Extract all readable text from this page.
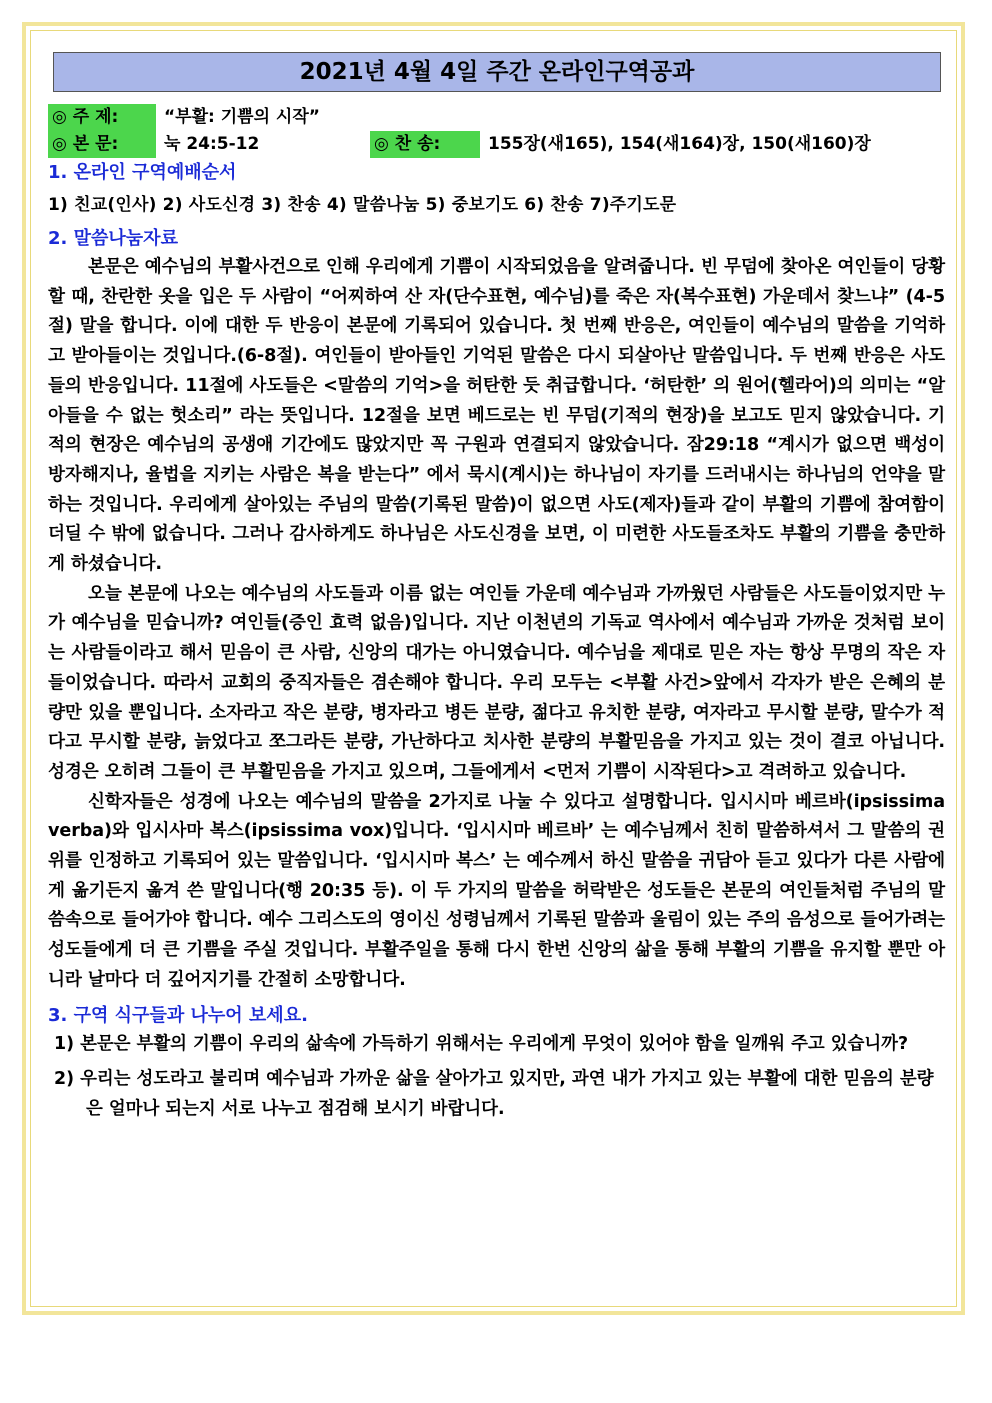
2021년 4월 4일 주간 온라인구역공과
◎ 주 제:	“부활: 기쁨의 시작”
◎ 본 문:	눅 24:5-12	◎ 찬 송:	155장(새165), 154(새164)장, 150(새160)장
1. 온라인 구역예배순서
1) 친교(인사) 2) 사도신경 3) 찬송 4) 말씀나눔 5) 중보기도 6) 찬송 7)주기도문
2. 말씀나눔자료

본문은 예수님의 부활사건으로 인해 우리에게 기쁨이 시작되었음을 알려줍니다. 빈 무덤에 찾아온 여인들이 당황할 때, 찬란한 옷을 입은 두 사람이 “어찌하여 산 자(단수표현, 예수님)를 죽은 자(복수표현) 가운데서 찾느냐” (4-5절) 말을 합니다. 이에 대한 두 반응이 본문에 기록되어 있습니다. 첫 번째 반응은, 여인들이 예수님의 말씀을 기억하고 받아들이는 것입니다.(6-8절). 여인들이 받아들인 기억된 말씀은 다시 되살아난 말씀입니다. 두 번째 반응은 사도들의 반응입니다. 11절에 사도들은 <말씀의 기억>을 허탄한 듯 취급합니다. ‘허탄한’ 의 원어(헬라어)의 의미는 “알아들을 수 없는 헛소리” 라는 뜻입니다. 12절을 보면 베드로는 빈 무덤(기적의 현장)을 보고도 믿지 않았습니다. 기적의 현장은 예수님의 공생애 기간에도 많았지만 꼭 구원과 연결되지 않았습니다. 잠29:18 “계시가 없으면 백성이 방자해지나, 율법을 지키는 사람은 복을 받는다” 에서 묵시(계시)는 하나님이 자기를 드러내시는 하나님의 언약을 말하는 것입니다. 우리에게 살아있는 주님의 말씀(기록된 말씀)이 없으면 사도(제자)들과 같이 부활의 기쁨에 참여함이 더딜 수 밖에 없습니다. 그러나 감사하게도 하나님은 사도신경을 보면, 이 미련한 사도들조차도 부활의 기쁨을 충만하게 하셨습니다.

오늘 본문에 나오는 예수님의 사도들과 이름 없는 여인들 가운데 예수님과 가까웠던 사람들은 사도들이었지만 누가 예수님을 믿습니까? 여인들(증인 효력 없음)입니다. 지난 이천년의 기독교 역사에서 예수님과 가까운 것처럼 보이는 사람들이라고 해서 믿음이 큰 사람, 신앙의 대가는 아니였습니다. 예수님을 제대로 믿은 자는 항상 무명의 작은 자들이었습니다. 따라서 교회의 중직자들은 겸손해야 합니다. 우리 모두는 <부활 사건>앞에서 각자가 받은 은혜의 분량만 있을 뿐입니다. 소자라고 작은 분량, 병자라고 병든 분량, 젊다고 유치한 분량, 여자라고 무시할 분량, 말수가 적다고 무시할 분량, 늙었다고 쪼그라든 분량, 가난하다고 치사한 분량의 부활믿음을 가지고 있는 것이 결코 아닙니다. 성경은 오히려 그들이 큰 부활믿음을 가지고 있으며, 그들에게서 <먼저 기쁨이 시작된다>고 격려하고 있습니다.

신학자들은 성경에 나오는 예수님의 말씀을 2가지로 나눌 수 있다고 설명합니다. 입시시마 베르바(ipsissima verba)와 입시사마 복스(ipsissima vox)입니다. ‘입시시마 베르바’ 는 예수님께서 친히 말씀하셔서 그 말씀의 권위를 인정하고 기록되어 있는 말씀입니다. ‘입시시마 복스’ 는 예수께서 하신 말씀을 귀담아 듣고 있다가 다른 사람에게 옮기든지 옮겨 쓴 말입니다(행 20:35 등). 이 두 가지의 말씀을 허락받은 성도들은 본문의 여인들처럼 주님의 말씀속으로 들어가야 합니다. 예수 그리스도의 영이신 성령님께서 기록된 말씀과 울림이 있는 주의 음성으로 들어가려는 성도들에게 더 큰 기쁨을 주실 것입니다. 부활주일을 통해 다시 한번 신앙의 삶을 통해 부활의 기쁨을 유지할 뿐만 아니라 날마다 더 깊어지기를 간절히 소망합니다.

3. 구역 식구들과 나누어 보세요.

1) 본문은 부활의 기쁨이 우리의 삶속에 가득하기 위해서는 우리에게 무엇이 있어야 함을 일깨워 주고 있습니까?

2) 우리는 성도라고 불리며 예수님과 가까운 삶을 살아가고 있지만, 과연 내가 가지고 있는 부활에 대한 믿음의 분량은 얼마나 되는지 서로 나누고 점검해 보시기 바랍니다.
